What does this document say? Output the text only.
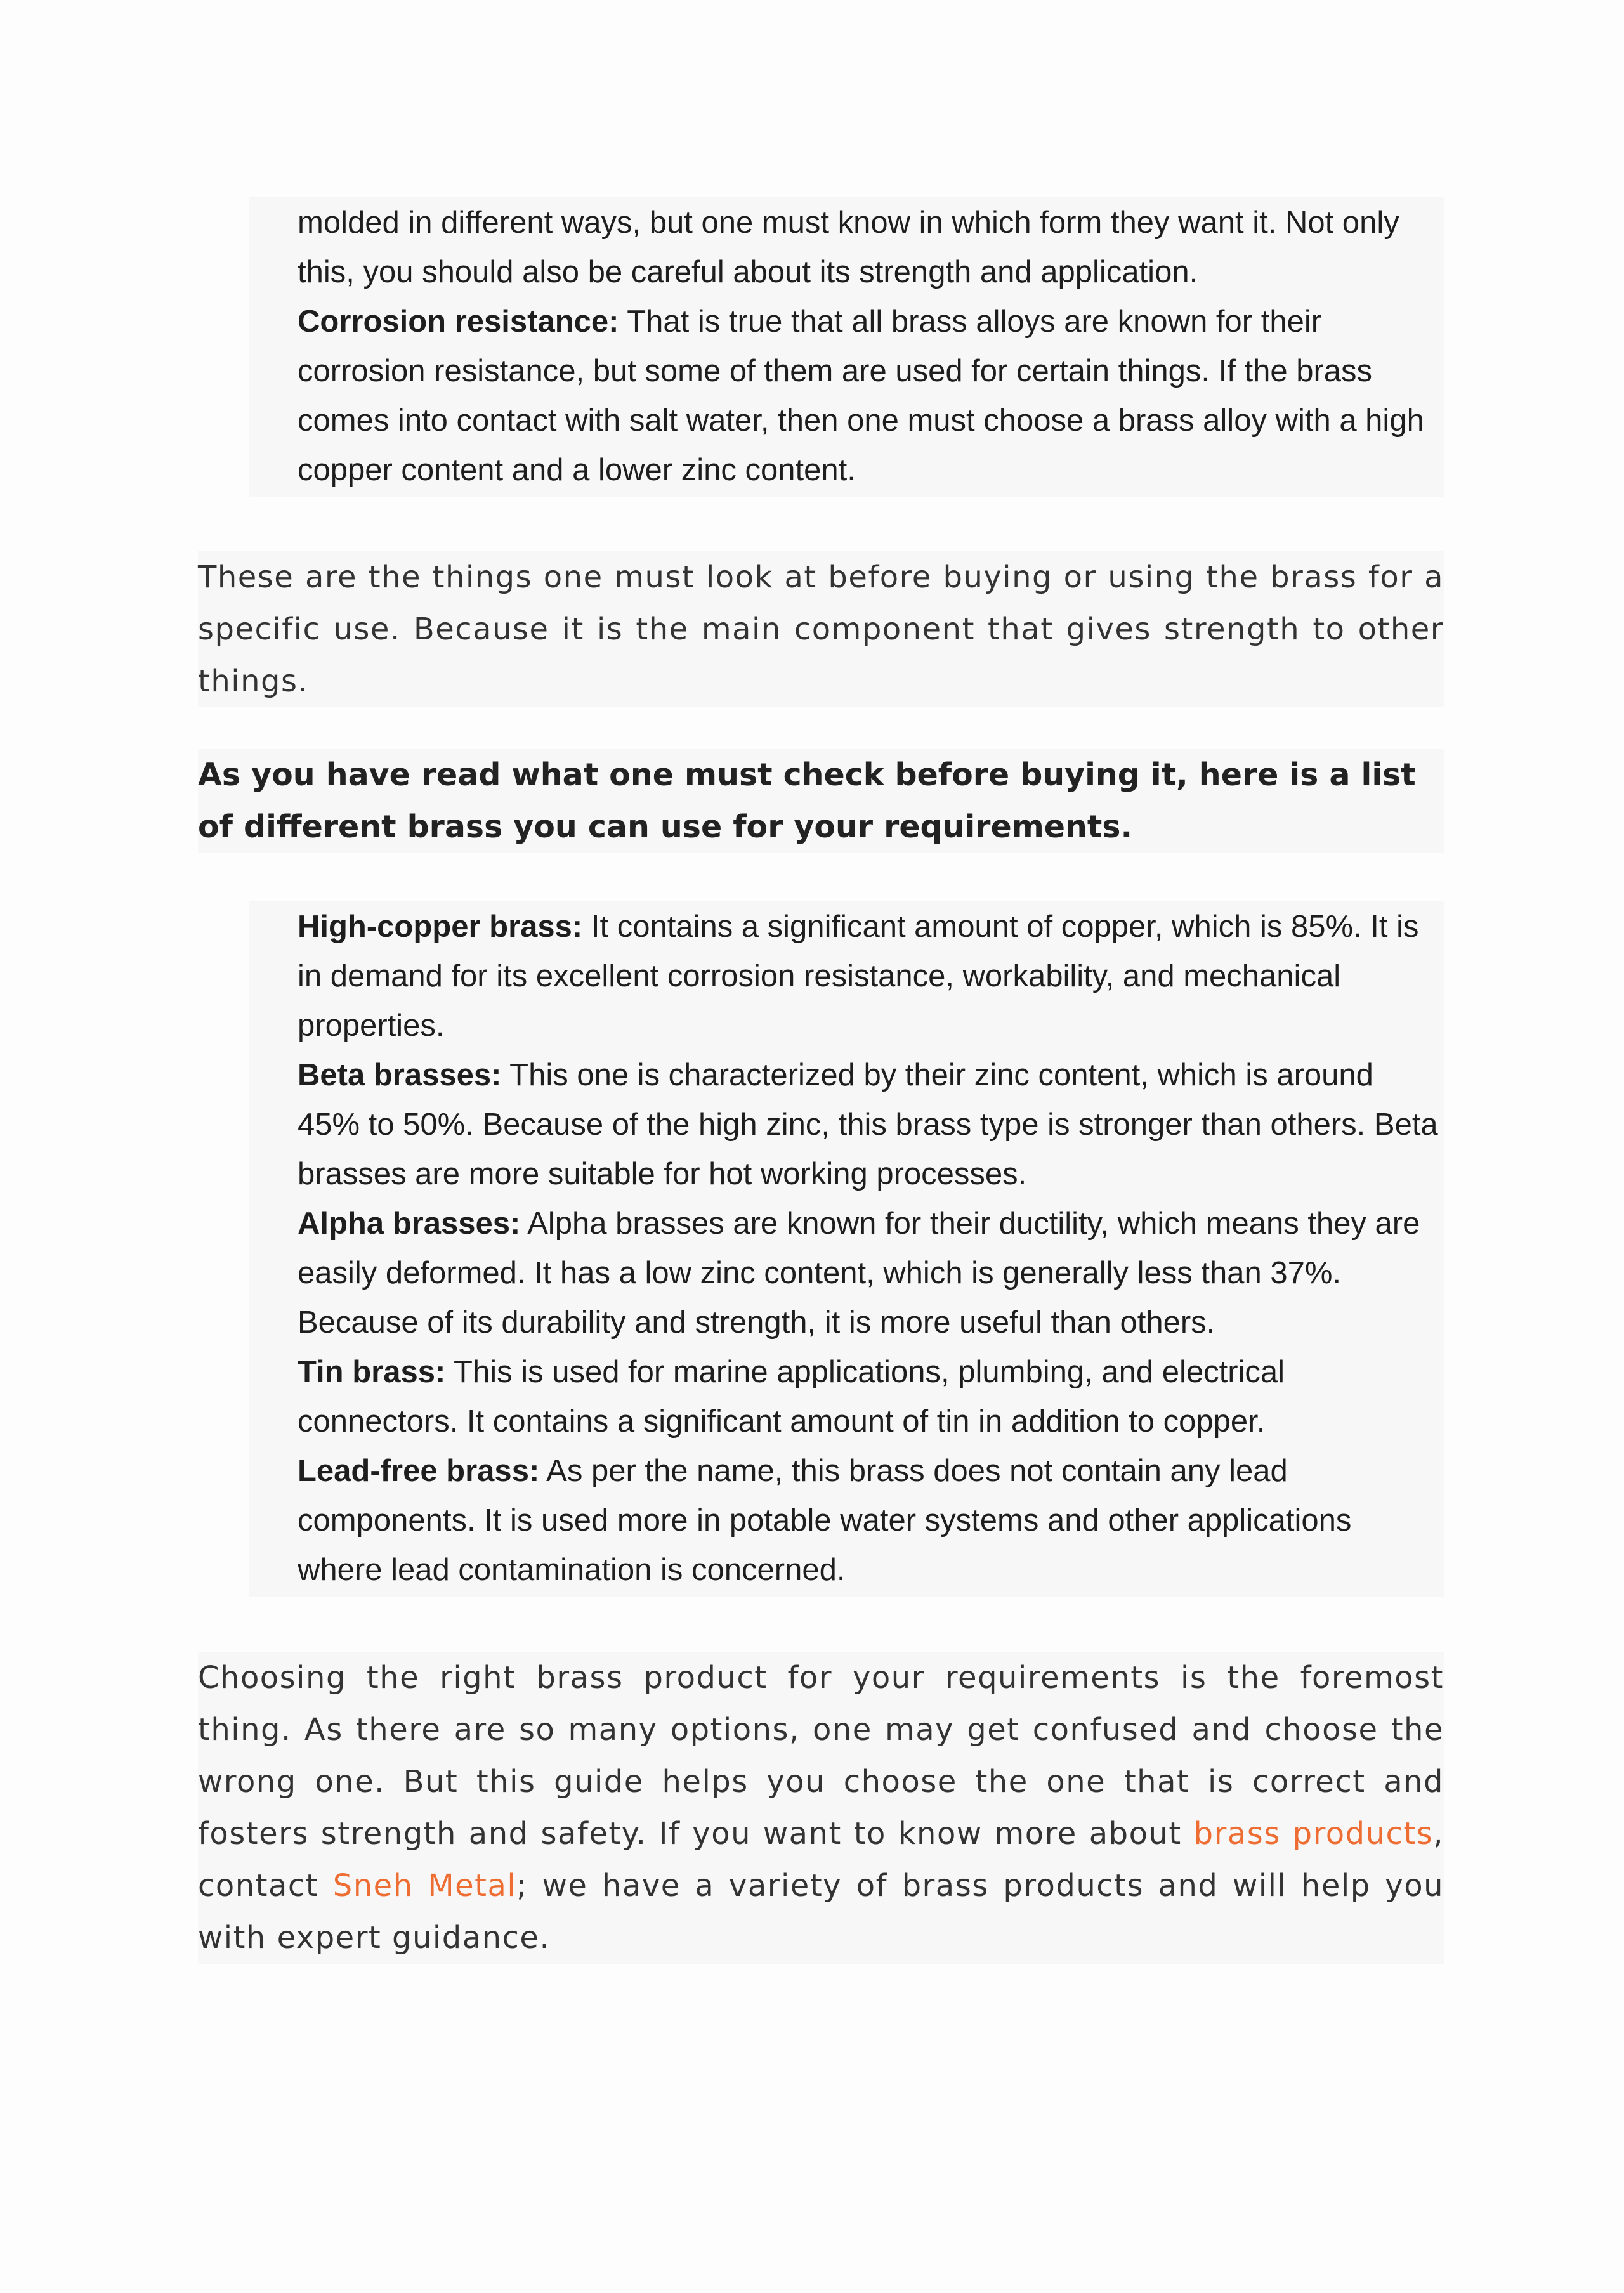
molded in different ways, but one must know in which form they want it. Not only this, you should also be careful about its strength and application.

Corrosion resistance: That is true that all brass alloys are known for their corrosion resistance, but some of them are used for certain things. If the brass comes into contact with salt water, then one must choose a brass alloy with a high copper content and a lower zinc content.

These are the things one must look at before buying or using the brass for a specific use. Because it is the main component that gives strength to other things.

As you have read what one must check before buying it, here is a list of different brass you can use for your requirements.

High-copper brass: It contains a significant amount of copper, which is 85%. It is in demand for its excellent corrosion resistance, workability, and mechanical properties.

Beta brasses: This one is characterized by their zinc content, which is around 45% to 50%. Because of the high zinc, this brass type is stronger than others. Beta brasses are more suitable for hot working processes.

Alpha brasses: Alpha brasses are known for their ductility, which means they are easily deformed. It has a low zinc content, which is generally less than 37%. Because of its durability and strength, it is more useful than others.

Tin brass: This is used for marine applications, plumbing, and electrical connectors. It contains a significant amount of tin in addition to copper.

Lead-free brass: As per the name, this brass does not contain any lead components. It is used more in potable water systems and other applications where lead contamination is concerned.

Choosing the right brass product for your requirements is the foremost thing. As there are so many options, one may get confused and choose the wrong one. But this guide helps you choose the one that is correct and fosters strength and safety. If you want to know more about brass products, contact Sneh Metal; we have a variety of brass products and will help you with expert guidance.
